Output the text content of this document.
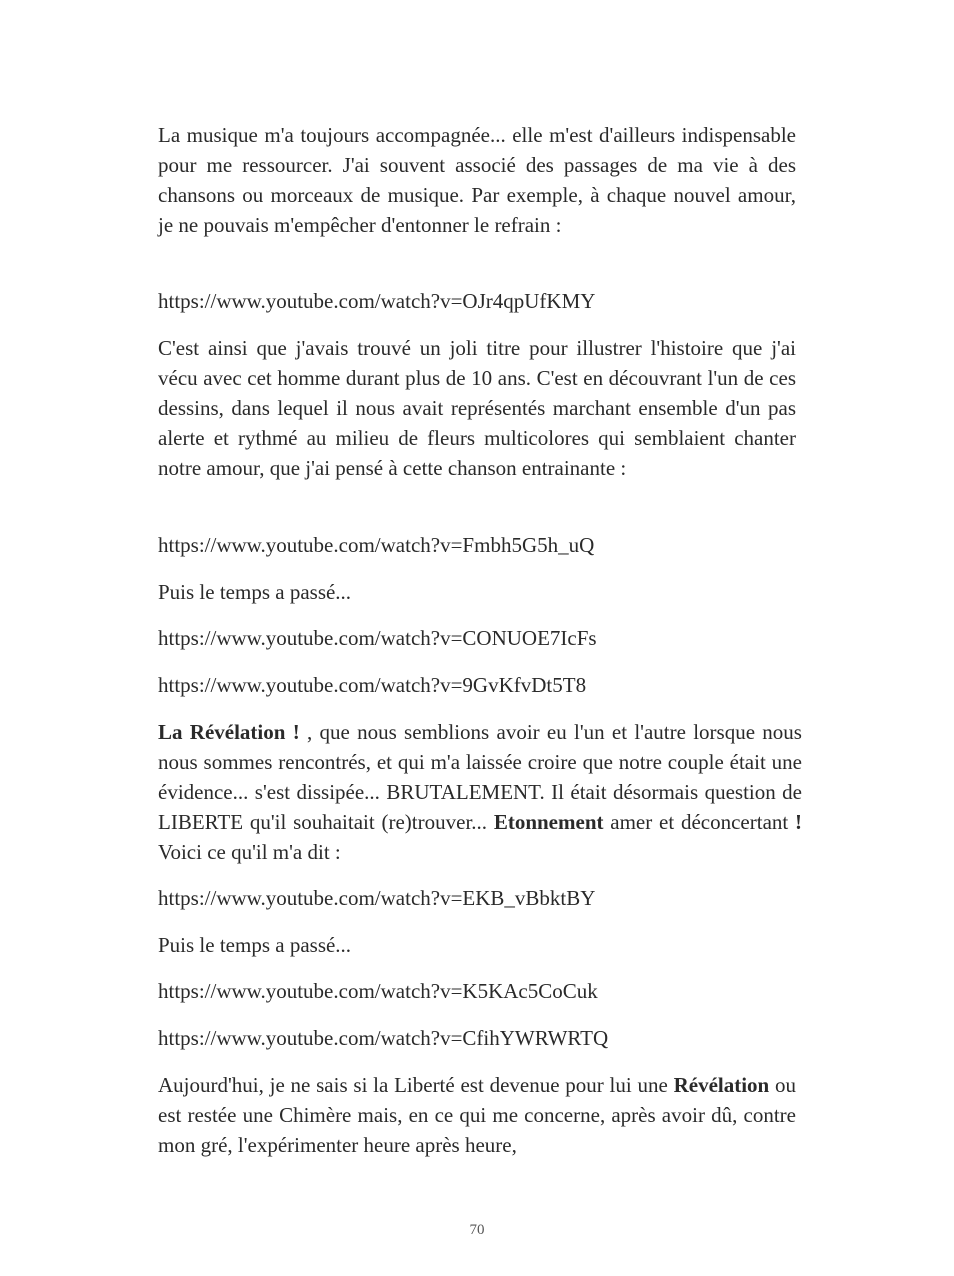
La musique m'a toujours accompagnée... elle m'est d'ailleurs indispensable pour me ressourcer. J'ai souvent associé des passages de ma vie à des chansons ou morceaux de musique. Par exemple, à chaque nouvel amour, je ne pouvais m'empêcher d'entonner le refrain :

https://www.youtube.com/watch?v=OJr4qpUfKMY

C'est ainsi que j'avais trouvé un joli titre pour illustrer l'histoire que j'ai vécu avec cet homme durant plus de 10 ans. C'est en découvrant l'un de ces dessins, dans lequel il nous avait représentés marchant ensemble d'un pas alerte et rythmé au milieu de fleurs multicolores qui semblaient chanter notre amour, que j'ai pensé à cette chanson entrainante :

https://www.youtube.com/watch?v=Fmbh5G5h_uQ

Puis le temps a passé...

https://www.youtube.com/watch?v=CONUOE7IcFs

https://www.youtube.com/watch?v=9GvKfvDt5T8

La Révélation ! , que nous semblions avoir eu l'un et l'autre lorsque nous nous sommes rencontrés, et qui m'a laissée croire que notre couple était une évidence... s'est dissipée... BRUTALEMENT. Il était désormais question de LIBERTE qu'il souhaitait (re)trouver... Etonnement amer et déconcertant ! Voici ce qu'il m'a dit :

https://www.youtube.com/watch?v=EKB_vBbktBY

Puis le temps a passé...

https://www.youtube.com/watch?v=K5KAc5CoCuk

https://www.youtube.com/watch?v=CfihYWRWRTQ

Aujourd'hui, je ne sais si la Liberté est devenue pour lui une Révélation ou est restée une Chimère mais, en ce qui me concerne, après avoir dû, contre mon gré, l'expérimenter heure après heure,

70
